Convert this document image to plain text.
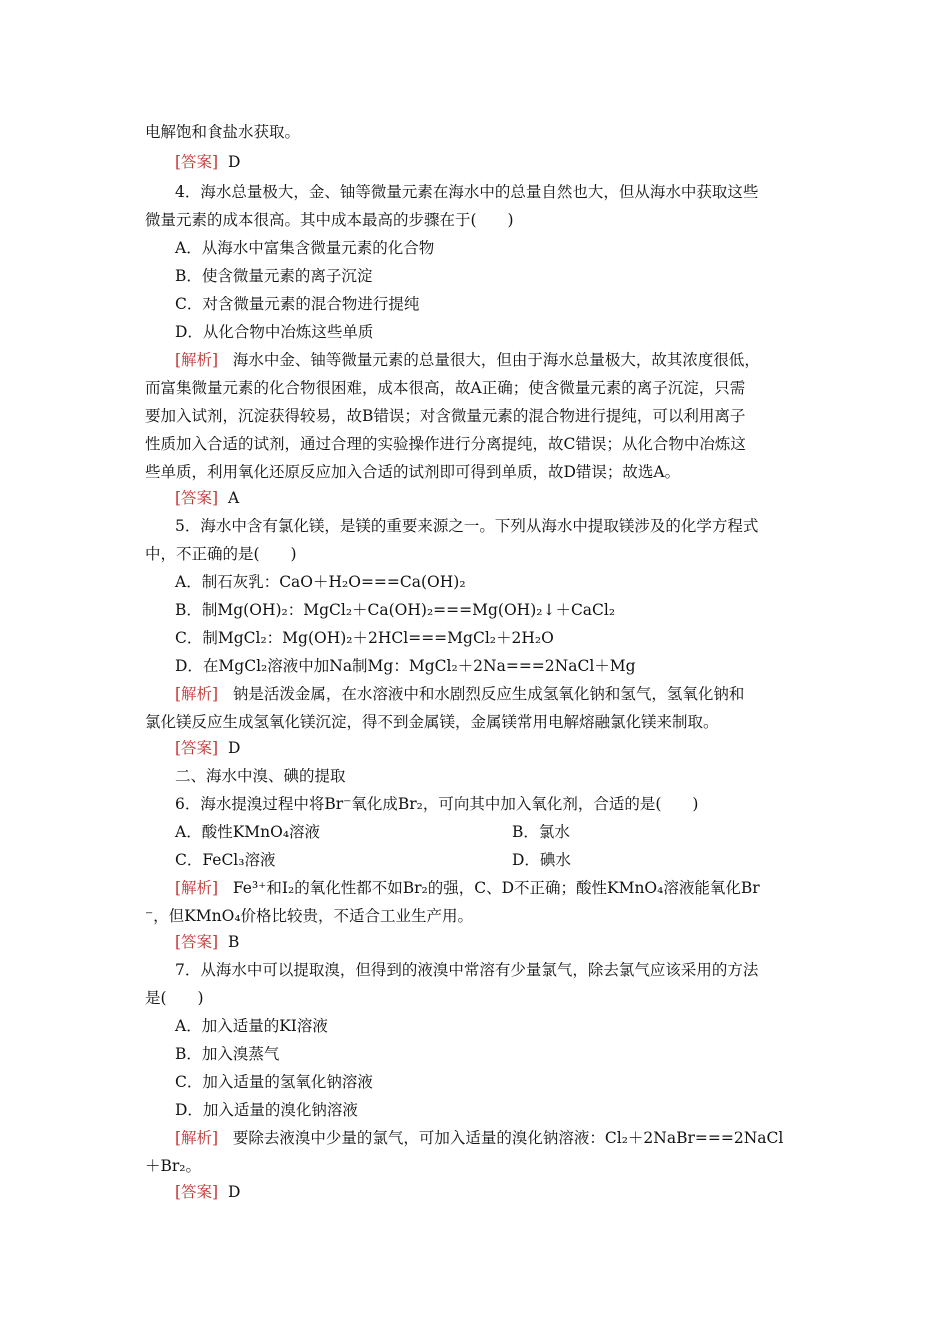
电解饱和食盐水获取。
[答案] D
4．海水总量极大，金、铀等微量元素在海水中的总量自然也大，但从海水中获取这些
微量元素的成本很高。其中成本最高的步骤在于(　　)
A．从海水中富集含微量元素的化合物
B．使含微量元素的离子沉淀
C．对含微量元素的混合物进行提纯
D．从化合物中冶炼这些单质
[解析] 海水中金、铀等微量元素的总量很大，但由于海水总量极大，故其浓度很低，
而富集微量元素的化合物很困难，成本很高，故A正确；使含微量元素的离子沉淀，只需
要加入试剂，沉淀获得较易，故B错误；对含微量元素的混合物进行提纯，可以利用离子
性质加入合适的试剂，通过合理的实验操作进行分离提纯，故C错误；从化合物中冶炼这
些单质，利用氧化还原反应加入合适的试剂即可得到单质，故D错误；故选A。
[答案] A
5．海水中含有氯化镁，是镁的重要来源之一。下列从海水中提取镁涉及的化学方程式
中，不正确的是(　　)
A．制石灰乳：CaO＋H₂O===Ca(OH)₂
B．制Mg(OH)₂：MgCl₂＋Ca(OH)₂===Mg(OH)₂↓＋CaCl₂
C．制MgCl₂：Mg(OH)₂＋2HCl===MgCl₂＋2H₂O
D．在MgCl₂溶液中加Na制Mg：MgCl₂＋2Na===2NaCl＋Mg
[解析] 钠是活泼金属，在水溶液中和水剧烈反应生成氢氧化钠和氢气，氢氧化钠和
氯化镁反应生成氢氧化镁沉淀，得不到金属镁，金属镁常用电解熔融氯化镁来制取。
[答案] D
二、海水中溴、碘的提取
6．海水提溴过程中将Br⁻氧化成Br₂，可向其中加入氧化剂，合适的是(　　)
A．酸性KMnO₄溶液	B．氯水
C．FeCl₃溶液	D．碘水
[解析] Fe³⁺和I₂的氧化性都不如Br₂的强，C、D不正确；酸性KMnO₄溶液能氧化Br
⁻，但KMnO₄价格比较贵，不适合工业生产用。
[答案] B
7．从海水中可以提取溴，但得到的液溴中常溶有少量氯气，除去氯气应该采用的方法
是(　　)
A．加入适量的KI溶液
B．加入溴蒸气
C．加入适量的氢氧化钠溶液
D．加入适量的溴化钠溶液
[解析] 要除去液溴中少量的氯气，可加入适量的溴化钠溶液：Cl₂＋2NaBr===2NaCl
＋Br₂。
[答案] D
